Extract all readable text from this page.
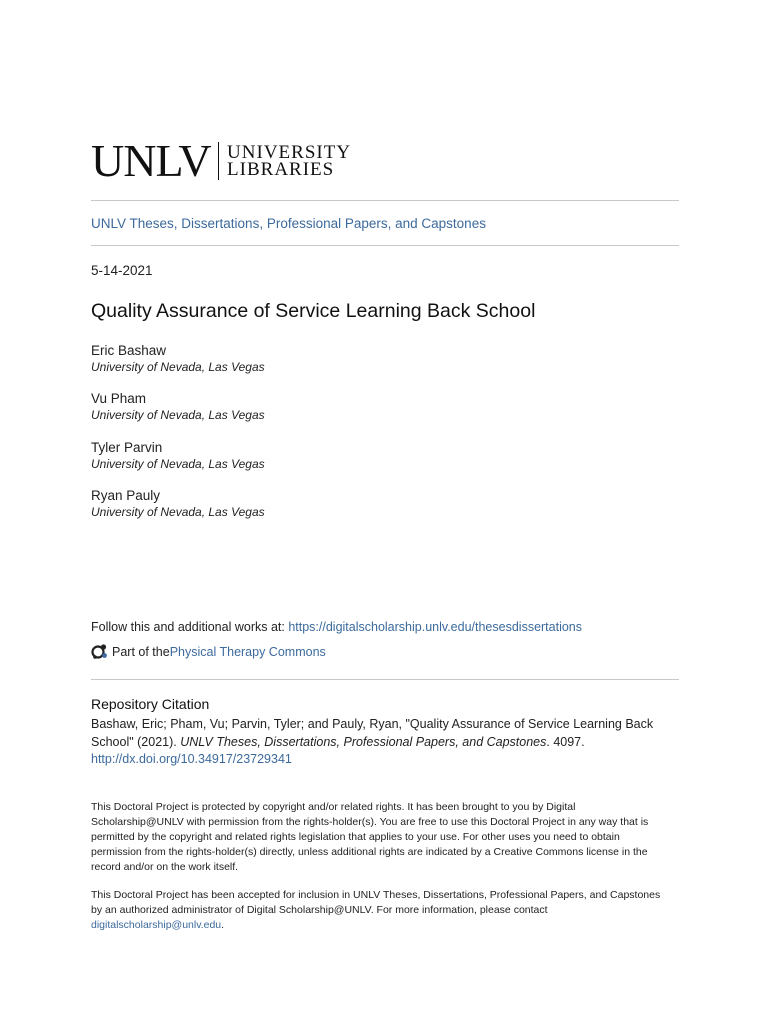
UNLV UNIVERSITY
LIBRARIES
UNLV Theses, Dissertations, Professional Papers, and Capstones
5-14-2021
Quality Assurance of Service Learning Back School
Eric Bashaw
University of Nevada, Las Vegas
Vu Pham
University of Nevada, Las Vegas
Tyler Parvin
University of Nevada, Las Vegas
Ryan Pauly
University of Nevada, Las Vegas
Follow this and additional works at: https://digitalscholarship.unlv.edu/thesesdissertations
Part of the Physical Therapy Commons
Repository Citation
Bashaw, Eric; Pham, Vu; Parvin, Tyler; and Pauly, Ryan, "Quality Assurance of Service Learning Back School" (2021). UNLV Theses, Dissertations, Professional Papers, and Capstones. 4097.
http://dx.doi.org/10.34917/23729341
This Doctoral Project is protected by copyright and/or related rights. It has been brought to you by Digital Scholarship@UNLV with permission from the rights-holder(s). You are free to use this Doctoral Project in any way that is permitted by the copyright and related rights legislation that applies to your use. For other uses you need to obtain permission from the rights-holder(s) directly, unless additional rights are indicated by a Creative Commons license in the record and/or on the work itself.
This Doctoral Project has been accepted for inclusion in UNLV Theses, Dissertations, Professional Papers, and Capstones by an authorized administrator of Digital Scholarship@UNLV. For more information, please contact digitalscholarship@unlv.edu.
